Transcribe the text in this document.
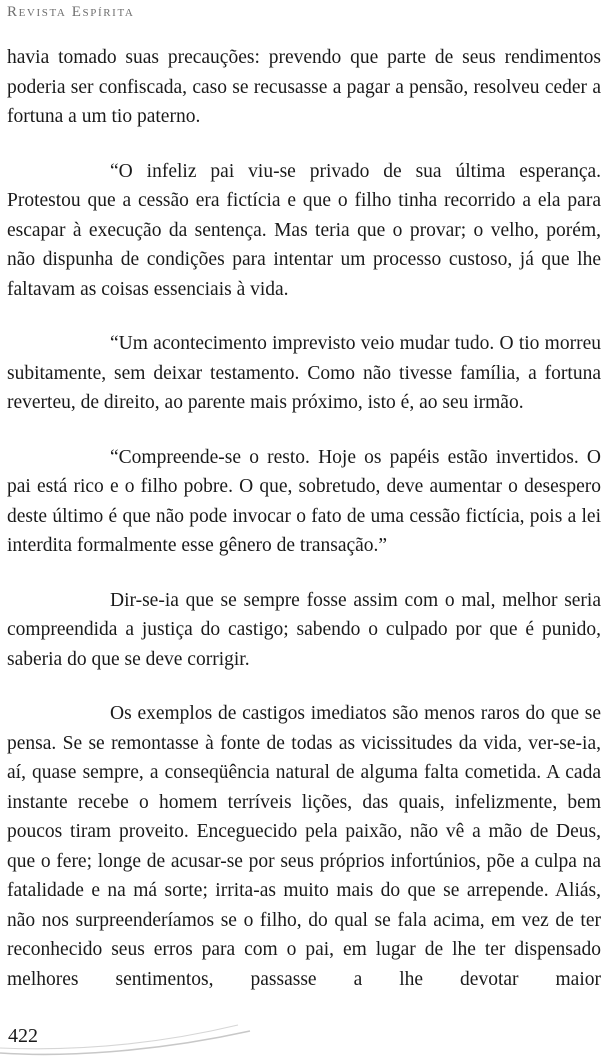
Revista Espírita

havia tomado suas precauções: prevendo que parte de seus rendimentos poderia ser confiscada, caso se recusasse a pagar a pensão, resolveu ceder a fortuna a um tio paterno.

“O infeliz pai viu-se privado de sua última esperança. Protestou que a cessão era fictícia e que o filho tinha recorrido a ela para escapar à execução da sentença. Mas teria que o provar; o velho, porém, não dispunha de condições para intentar um processo custoso, já que lhe faltavam as coisas essenciais à vida.

“Um acontecimento imprevisto veio mudar tudo. O tio morreu subitamente, sem deixar testamento. Como não tivesse família, a fortuna reverteu, de direito, ao parente mais próximo, isto é, ao seu irmão.

“Compreende-se o resto. Hoje os papéis estão invertidos. O pai está rico e o filho pobre. O que, sobretudo, deve aumentar o desespero deste último é que não pode invocar o fato de uma cessão fictícia, pois a lei interdita formalmente esse gênero de transação.”

Dir-se-ia que se sempre fosse assim com o mal, melhor seria compreendida a justiça do castigo; sabendo o culpado por que é punido, saberia do que se deve corrigir.

Os exemplos de castigos imediatos são menos raros do que se pensa. Se se remontasse à fonte de todas as vicissitudes da vida, ver-se-ia, aí, quase sempre, a conseqüência natural de alguma falta cometida. A cada instante recebe o homem terríveis lições, das quais, infelizmente, bem poucos tiram proveito. Enceguecido pela paixão, não vê a mão de Deus, que o fere; longe de acusar-se por seus próprios infortúnios, põe a culpa na fatalidade e na má sorte; irrita-as muito mais do que se arrepende. Aliás, não nos surpreenderíamos se o filho, do qual se fala acima, em vez de ter reconhecido seus erros para com o pai, em lugar de lhe ter dispensado melhores sentimentos, passasse a lhe devotar maior

422
